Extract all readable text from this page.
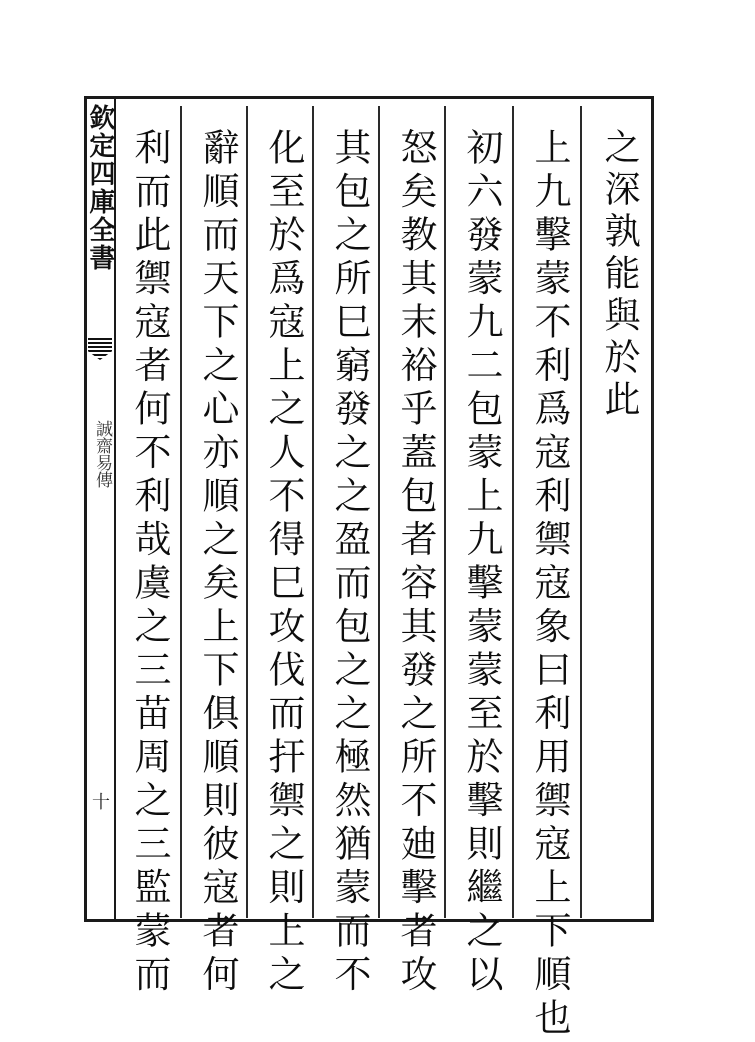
欽定四庫全書
誠齋易傳
十
之深孰能與於此
上九擊蒙不利爲寇利禦寇象曰利用禦寇上下順也
初六發蒙九二包蒙上九擊蒙蒙至於擊則繼之以
怒矣教其末裕乎蓋包者容其發之所不廸擊者攻
其包之所巳窮發之之盈而包之之極然猶蒙而不
化至於爲寇上之人不得巳攻伐而扞禦之則上之
辭順而天下之心亦順之矣上下俱順則彼寇者何
利而此禦寇者何不利哉虞之三苗周之三監蒙而
